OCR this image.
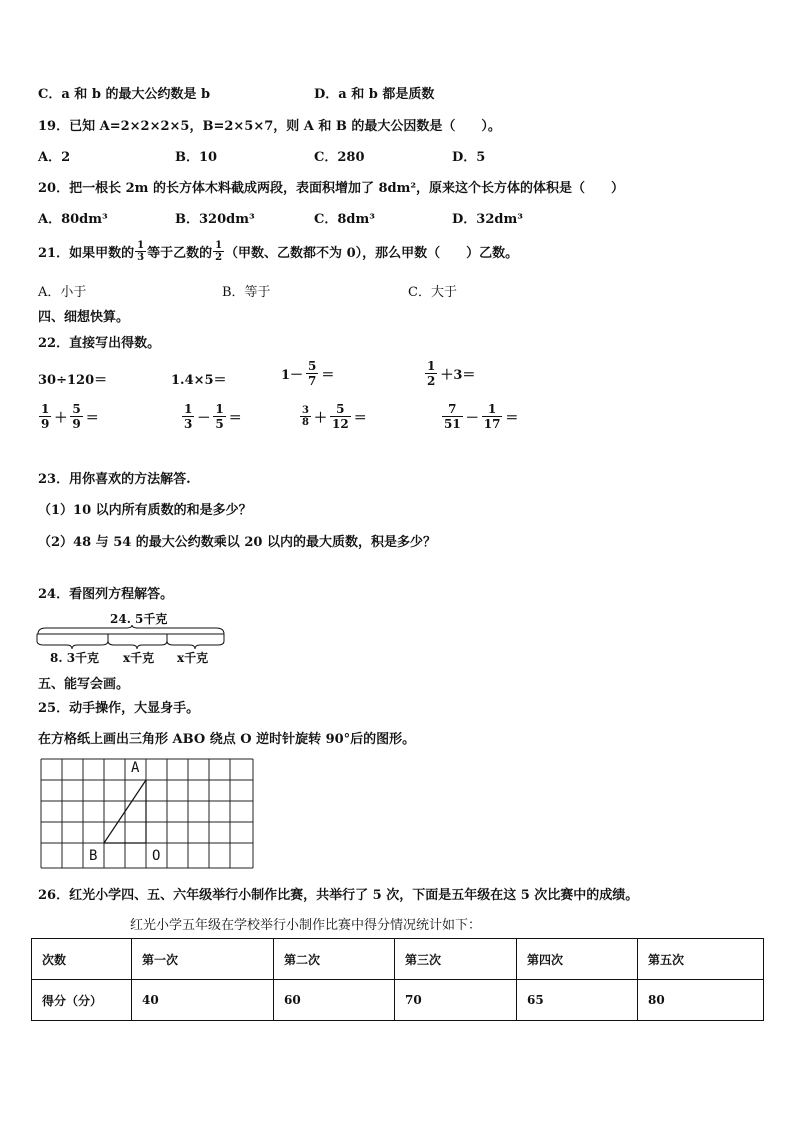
C．a 和 b 的最大公约数是 b	D．a 和 b 都是质数
19．已知 A=2×2×2×5，B=2×5×7，则 A 和 B 的最大公因数是（　　）。
A．2	B．10	C．280	D．5
20．把一根长 2m 的长方体木料截成两段，表面积增加了 8dm²，原来这个长方体的体积是（　　）
A．80dm³	B．320dm³	C．8dm³	D．32dm³
21．如果甲数的 $\frac{1}{3}$ 等于乙数的 $\frac{1}{2}$ （甲数、乙数都不为 0），那么甲数（　　）乙数。
A．小于	B．等于	C．大于
四、细想快算。
22．直接写出得数。
30÷120＝	1.4×5＝	$1- \frac{5}{7}$ ＝	$\frac{1}{2} +3=$
$\frac{1}{9} + \frac{5}{9}$ ＝	$\frac{1}{3} - \frac{1}{5}$ ＝	$\frac{3}{8} + \frac{5}{12}$ ＝	$\frac{7}{51} - \frac{1}{17}$ ＝
23．用你喜欢的方法解答.
（1）10 以内所有质数的和是多少？
（2）48 与 54 的最大公约数乘以 20 以内的最大质数，积是多少？
24．看图列方程解答。
24. 5千克
8. 3千克 x千克 x千克
五、能写会画。
25．动手操作，大显身手。
在方格纸上画出三角形 ABO 绕点 O 逆时针旋转 90°后的图形。
A
B	O
26．红光小学四、五、六年级举行小制作比赛，共举行了 5 次，下面是五年级在这 5 次比赛中的成绩。
红光小学五年级在学校举行小制作比赛中得分情况统计如下：
次数	第一次	第二次	第三次	第四次	第五次
得分（分）	40	60	70	65	80
